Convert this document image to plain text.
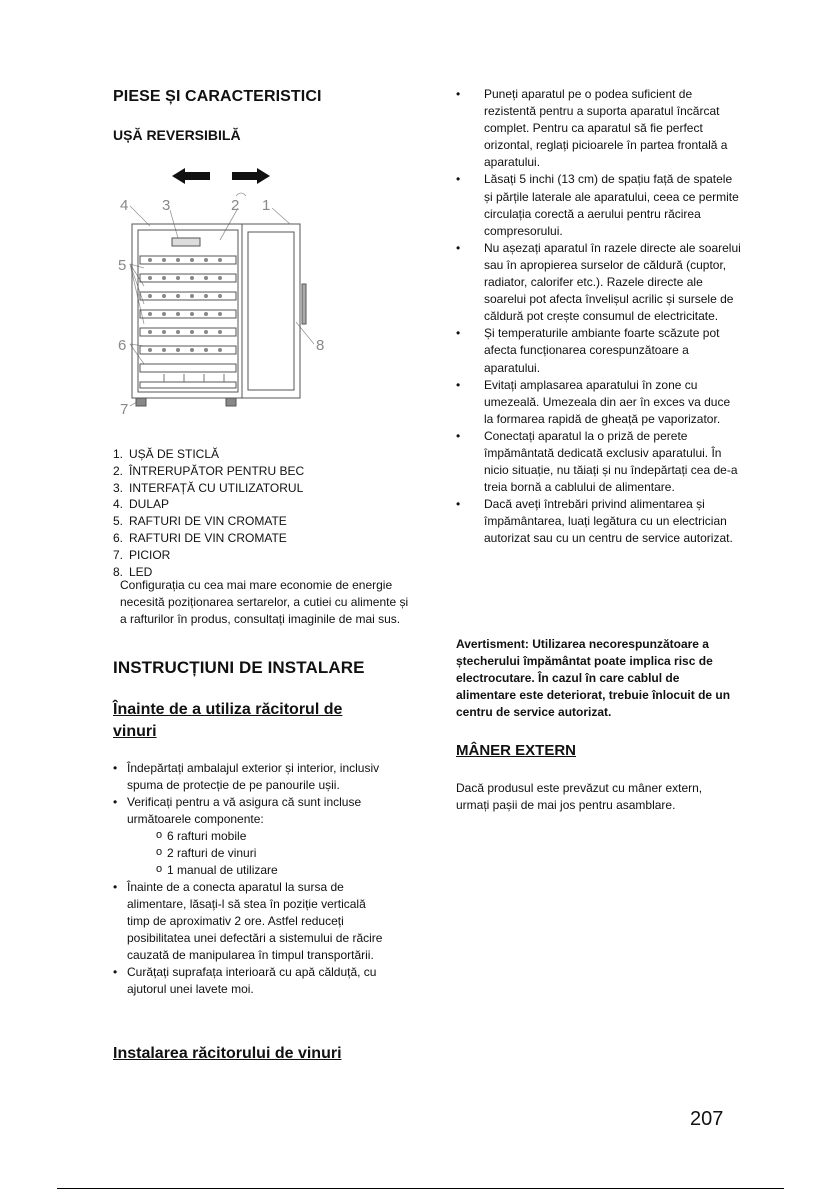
PIESE ȘI CARACTERISTICI
UȘĂ REVERSIBILĂ
4 3	2 1
5
6	8
7
1. UȘĂ DE STICLĂ
2. ÎNTRERUPĂTOR PENTRU BEC
3. INTERFAȚĂ CU UTILIZATORUL
4. DULAP
5. RAFTURI DE VIN CROMATE
6. RAFTURI DE VIN CROMATE
7. PICIOR
8. LED
Configurația cu cea mai mare economie de energie necesită poziționarea sertarelor, a cutiei cu alimente și a rafturilor în produs, consultați imaginile de mai sus.
INSTRUCȚIUNI DE INSTALARE
Înainte de a utiliza răcitorul de vinuri
• Îndepărtați ambalajul exterior și interior, inclusiv spuma de protecție de pe panourile ușii.
• Verificați pentru a vă asigura că sunt incluse următoarele componente:
o 6 rafturi mobile
o 2 rafturi de vinuri
o 1 manual de utilizare
• Înainte de a conecta aparatul la sursa de alimentare, lăsați-l să stea în poziție verticală timp de aproximativ 2 ore. Astfel reduceți posibilitatea unei defectări a sistemului de răcire cauzată de manipularea în timpul transportării.
• Curățați suprafața interioară cu apă călduță, cu ajutorul unei lavete moi.
Instalarea răcitorului de vinuri
• Puneți aparatul pe o podea suficient de rezistentă pentru a suporta aparatul încărcat complet. Pentru ca aparatul să fie perfect orizontal, reglați picioarele în partea frontală a aparatului.
• Lăsați 5 inchi (13 cm) de spațiu față de spatele și părțile laterale ale aparatului, ceea ce permite circulația corectă a aerului pentru răcirea compresorului.
• Nu așezați aparatul în razele directe ale soarelui sau în apropierea surselor de căldură (cuptor, radiator, calorifer etc.). Razele directe ale soarelui pot afecta învelișul acrilic și sursele de căldură pot crește consumul de electricitate.
• Și temperaturile ambiante foarte scăzute pot afecta funcționarea corespunzătoare a aparatului.
• Evitați amplasarea aparatului în zone cu umezeală. Umezeala din aer în exces va duce la formarea rapidă de gheață pe vaporizator.
• Conectați aparatul la o priză de perete împământată dedicată exclusiv aparatului. În nicio situație, nu tăiați și nu îndepărtați cea de-a treia bornă a cablului de alimentare.
• Dacă aveți întrebări privind alimentarea și împământarea, luați legătura cu un electrician autorizat sau cu un centru de service autorizat.
Avertisment: Utilizarea necorespunzătoare a ștecherului împământat poate implica risc de electrocutare. În cazul în care cablul de alimentare este deteriorat, trebuie înlocuit de un centru de service autorizat.
MÂNER EXTERN
Dacă produsul este prevăzut cu mâner extern, urmați pașii de mai jos pentru asamblare.
207
